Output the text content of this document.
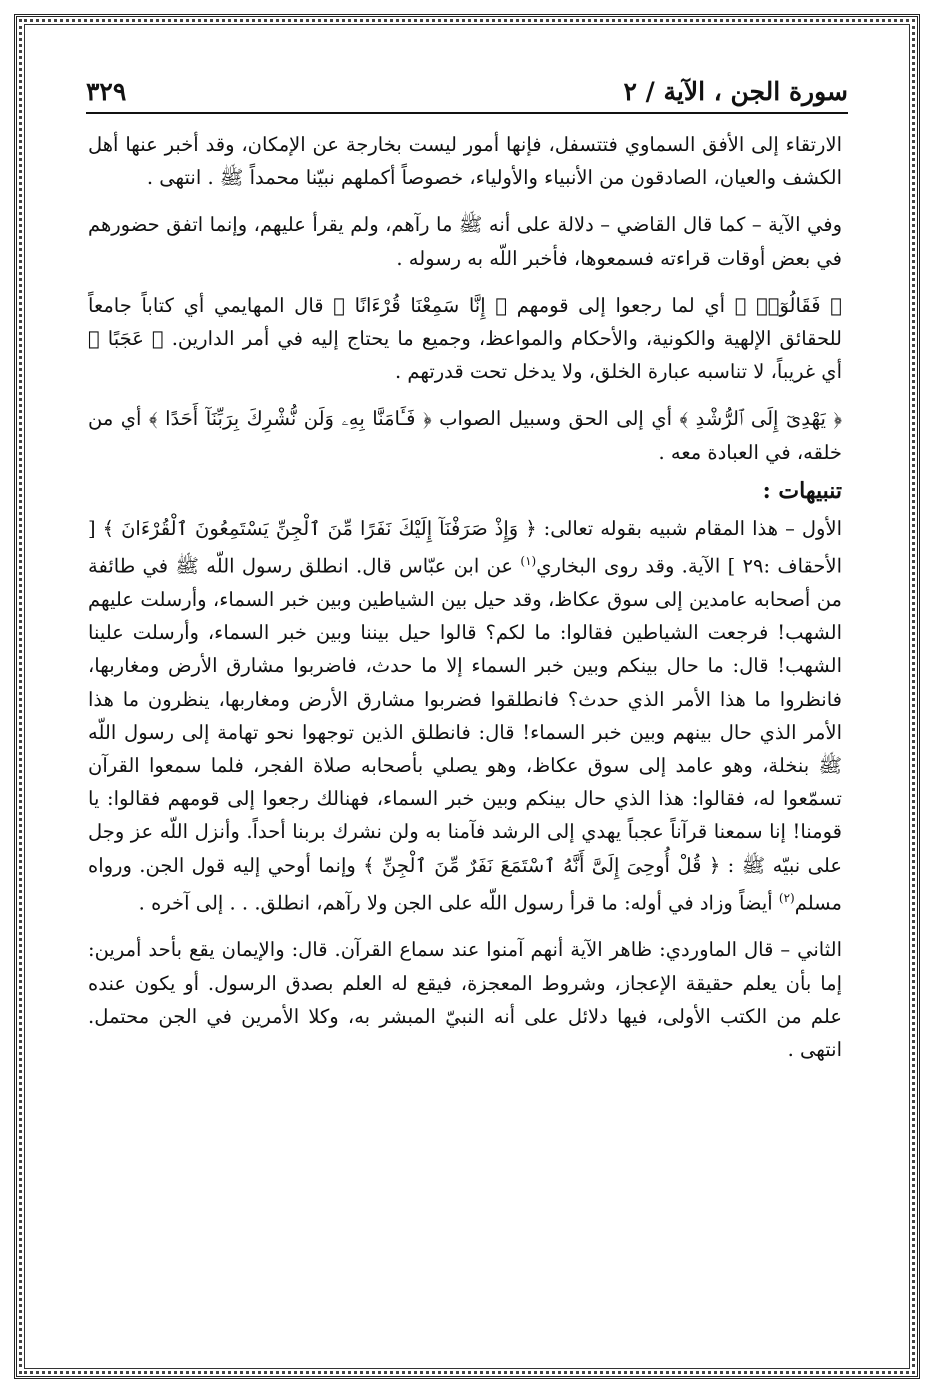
سورة الجن ، الآية / ٢
٣٢٩

الارتقاء إلى الأفق السماوي فتتسفل، فإنها أمور ليست بخارجة عن الإمكان، وقد أخبر عنها أهل الكشف والعيان، الصادقون من الأنبياء والأولياء، خصوصاً أكملهم نبيّنا محمداً ﷺ . انتهى .

وفي الآية – كما قال القاضي – دلالة على أنه ﷺ ما رآهم، ولم يقرأ عليهم، وإنما اتفق حضورهم في بعض أوقات قراءته فسمعوها، فأخبر اللّه به رسوله .

﴿ فَقَالُوٓا۟ ﴾ أي لما رجعوا إلى قومهم ﴿ إِنَّا سَمِعْنَا قُرْءَانًا ﴾ قال المهايمي أي كتاباً جامعاً للحقائق الإلهية والكونية، والأحكام والمواعظ، وجميع ما يحتاج إليه في أمر الدارين. ﴿ عَجَبًا ﴾ أي غريباً، لا تناسبه عبارة الخلق، ولا يدخل تحت قدرتهم .

﴿ يَهْدِىٓ إِلَى ٱلرُّشْدِ ﴾ أي إلى الحق وسبيل الصواب ﴿ فَـَٔامَنَّا بِهِۦ وَلَن نُّشْرِكَ بِرَبِّنَآ أَحَدًا ﴾ أي من خلقه، في العبادة معه .

تنبيهات :

الأول – هذا المقام شبيه بقوله تعالى: ﴿ وَإِذْ صَرَفْنَآ إِلَيْكَ نَفَرًا مِّنَ ٱلْجِنِّ يَسْتَمِعُونَ ٱلْقُرْءَانَ ﴾ [ الأحقاف :٢٩ ] الآية. وقد روى البخاري$^{(١)}$ عن ابن عبّاس قال. انطلق رسول اللّه ﷺ في طائفة من أصحابه عامدين إلى سوق عكاظ، وقد حيل بين الشياطين وبين خبر السماء، وأرسلت عليهم الشهب! فرجعت الشياطين فقالوا: ما لكم؟ قالوا حيل بيننا وبين خبر السماء، وأرسلت علينا الشهب! قال: ما حال بينكم وبين خبر السماء إلا ما حدث، فاضربوا مشارق الأرض ومغاربها، فانظروا ما هذا الأمر الذي حدث؟ فانطلقوا فضربوا مشارق الأرض ومغاربها، ينظرون ما هذا الأمر الذي حال بينهم وبين خبر السماء! قال: فانطلق الذين توجهوا نحو تهامة إلى رسول اللّه ﷺ بنخلة، وهو عامد إلى سوق عكاظ، وهو يصلي بأصحابه صلاة الفجر، فلما سمعوا القرآن تسمّعوا له، فقالوا: هذا الذي حال بينكم وبين خبر السماء، فهنالك رجعوا إلى قومهم فقالوا: يا قومنا! إنا سمعنا قرآناً عجباً يهدي إلى الرشد فآمنا به ولن نشرك بربنا أحداً. وأنزل اللّه عز وجل على نبيّه ﷺ : ﴿ قُلْ أُوحِىَ إِلَىَّ أَنَّهُ ٱسْتَمَعَ نَفَرٌ مِّنَ ٱلْجِنِّ ﴾ وإنما أوحي إليه قول الجن. ورواه مسلم$^{(٢)}$ أيضاً وزاد في أوله: ما قرأ رسول اللّه على الجن ولا رآهم، انطلق. . . إلى آخره .

الثاني – قال الماوردي: ظاهر الآية أنهم آمنوا عند سماع القرآن. قال: والإيمان يقع بأحد أمرين: إما بأن يعلم حقيقة الإعجاز، وشروط المعجزة، فيقع له العلم بصدق الرسول. أو يكون عنده علم من الكتب الأولى، فيها دلائل على أنه النبيّ المبشر به، وكلا الأمرين في الجن محتمل. انتهى .
